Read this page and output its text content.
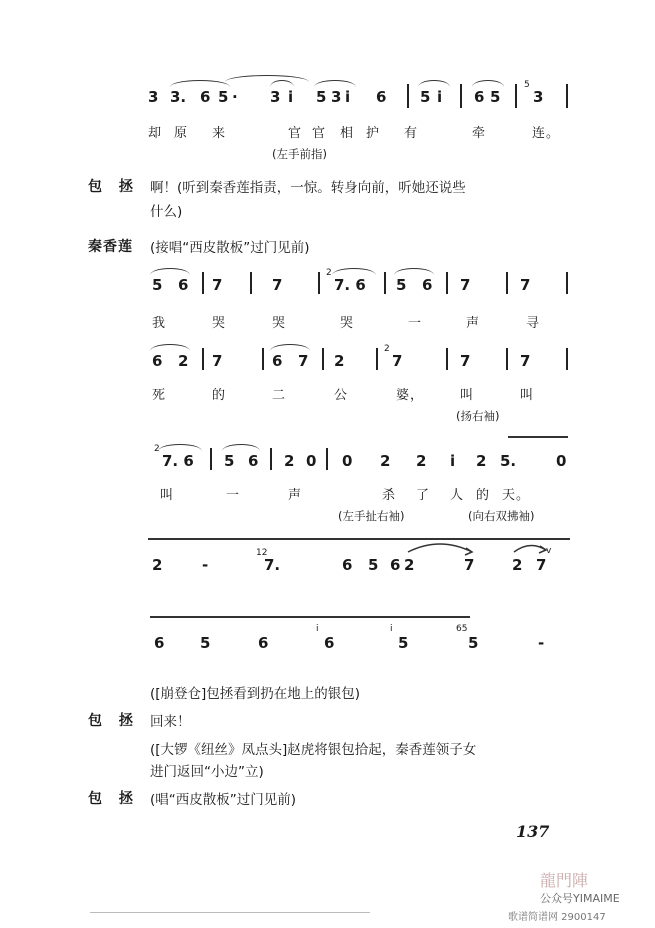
3 3. 6 5 · 3 i 5 3 i 6 5 i 6 5
5
3
却 原 来	官 官 相 护 有	牵	连。
(左手前指)
包 拯 啊！(听到秦香莲指责，一惊。转身向前，听她还说些
什么)
秦香莲 (接唱“西皮散板”过门见前)
5 6 7	7
2
7. 6 5 6 7	7
我	哭	哭	哭	一	声	寻
6 2 7	6 7 2
2
7	7	7
死	的	二	公	婆，	叫	叫
(扬右袖)
2
7. 6 5 6 2 0 0 2 2 i 2 5.	0
叫	一	声	杀 了 人 的 天。
(左手扯右袖)	(向右双拂袖)
2	-
12
7.	6 5 6 2	7	2 7
v
6 5	6
i
6
i
5
65
5	-
([崩登仓]包拯看到扔在地上的银包)
包 拯 回来！
([大锣《纽丝》凤点头]赵虎将银包拾起，秦香莲领子女
进门返回“小边”立)
包 拯 (唱“西皮散板”过门见前)
137
龍門陣
公众号YIMAIME
歌谱简谱网 2900147
